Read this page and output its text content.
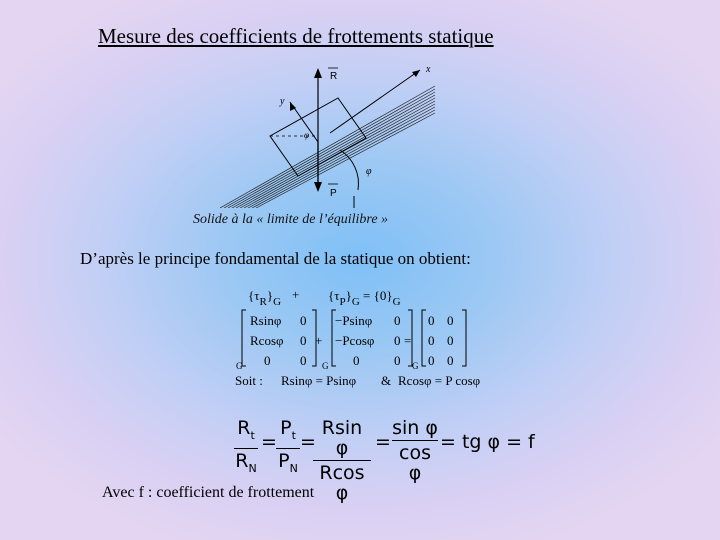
Mesure des coefficients de frottements statique
R
x
y
φ
φ
P
Solide à la « limite de l’équilibre »
D’après le principe fondamental de la statique on obtient:
$\{\tau_R\}_G + \{\tau_P\}_G = \{0\}_G$
Rsinφ
Rcosφ
0
0
0
0
G
+
−Psinφ
−Pcosφ
0
0
0
0
G
=
0
0
0
0
0
0
G
Soit : Rsinφ = Psinφ & Rcosφ = P cosφ
$R_t$
$R_N$
=
$P_t$
$P_N$
=
Rsin φ
Rcos φ
=
sin φ
cos φ
= tg φ = f
Avec f : coefficient de frottement
